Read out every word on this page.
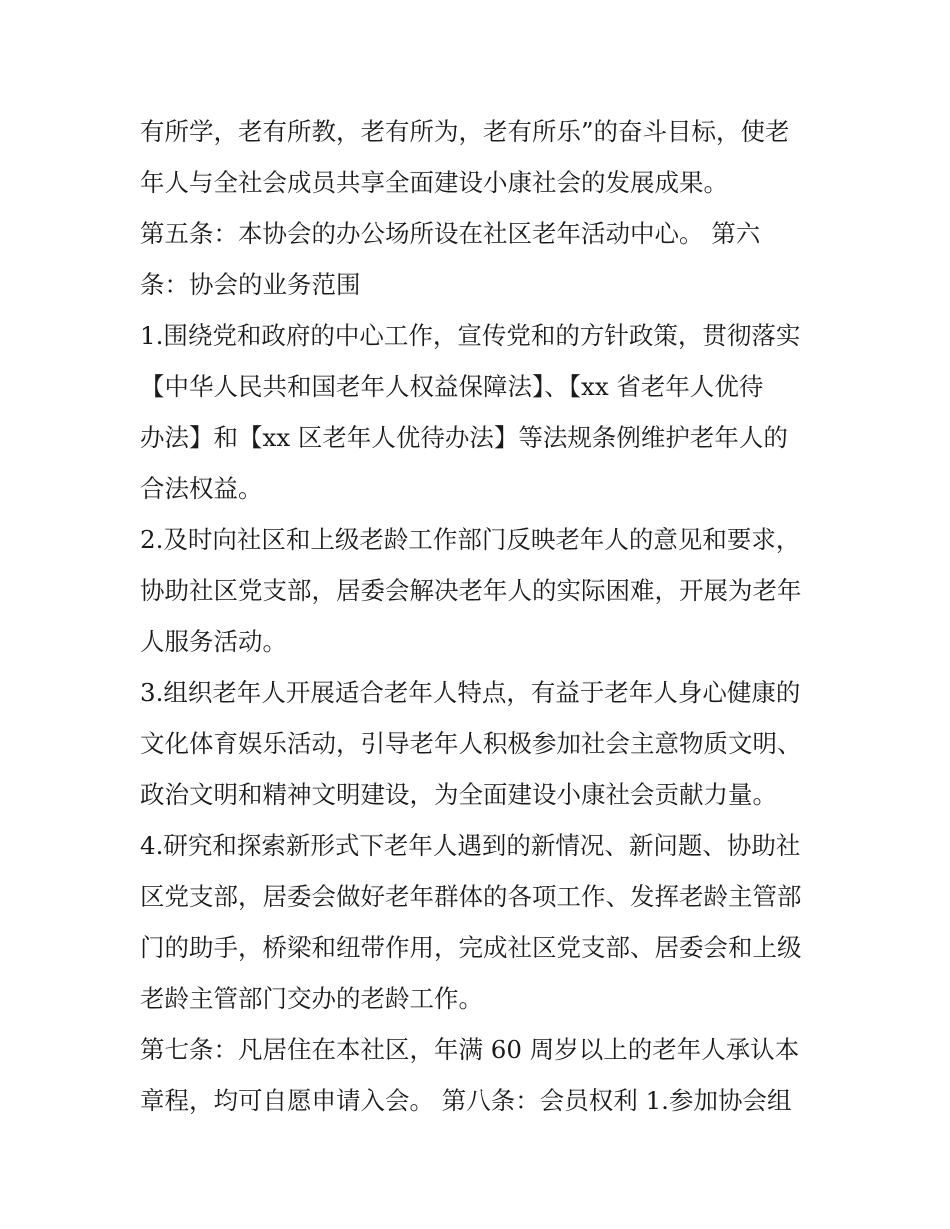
有所学，老有所教，老有所为，老有所乐”的奋斗目标，使老
年人与全社会成员共享全面建设小康社会的发展成果。
第五条：本协会的办公场所设在社区老年活动中心。 第六
条：协会的业务范围
1.围绕党和政府的中心工作，宣传党和的方针政策，贯彻落实
【中华人民共和国老年人权益保障法】、【xx 省老年人优待
办法】和【xx 区老年人优待办法】等法规条例维护老年人的
合法权益。
2.及时向社区和上级老龄工作部门反映老年人的意见和要求，
协助社区党支部，居委会解决老年人的实际困难，开展为老年
人服务活动。
3.组织老年人开展适合老年人特点，有益于老年人身心健康的
文化体育娱乐活动，引导老年人积极参加社会主意物质文明、
政治文明和精神文明建设，为全面建设小康社会贡献力量。
4.研究和探索新形式下老年人遇到的新情况、新问题、协助社
区党支部，居委会做好老年群体的各项工作、发挥老龄主管部
门的助手，桥梁和纽带作用，完成社区党支部、居委会和上级
老龄主管部门交办的老龄工作。
第七条：凡居住在本社区，年满 60 周岁以上的老年人承认本
章程，均可自愿申请入会。 第八条：会员权利 1.参加协会组
